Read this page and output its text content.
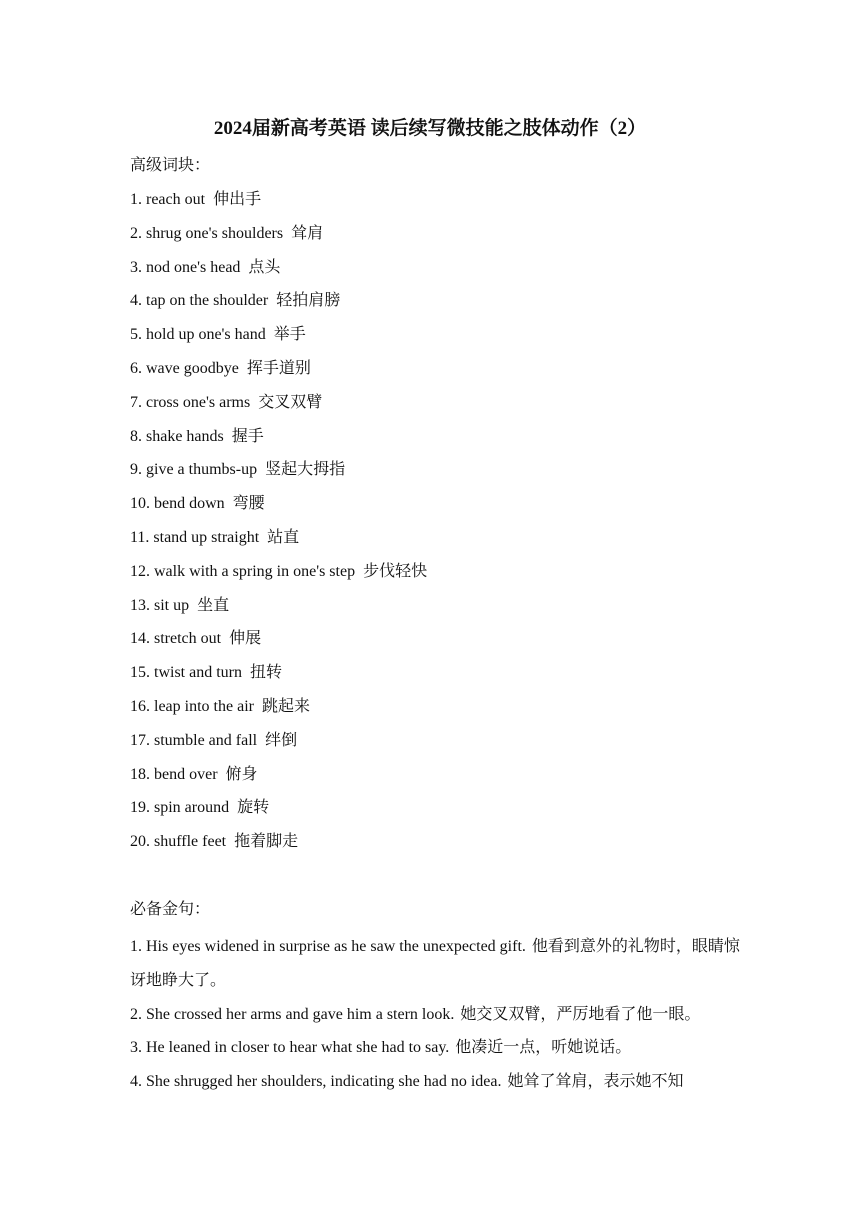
2024届新高考英语 读后续写微技能之肢体动作（2）
高级词块：
1. reach out 伸出手
2. shrug one's shoulders 耸肩
3. nod one's head 点头
4. tap on the shoulder 轻拍肩膀
5. hold up one's hand 举手
6. wave goodbye 挥手道别
7. cross one's arms 交叉双臂
8. shake hands 握手
9. give a thumbs-up 竖起大拇指
10. bend down 弯腰
11. stand up straight 站直
12. walk with a spring in one's step 步伐轻快
13. sit up 坐直
14. stretch out 伸展
15. twist and turn 扭转
16. leap into the air 跳起来
17. stumble and fall 绊倒
18. bend over 俯身
19. spin around 旋转
20. shuffle feet 拖着脚走
必备金句：
1. His eyes widened in surprise as he saw the unexpected gift. 他看到意外的礼物时，眼睛惊讶地睁大了。
2. She crossed her arms and gave him a stern look. 她交叉双臂，严厉地看了他一眼。
3. He leaned in closer to hear what she had to say. 他凑近一点，听她说话。
4. She shrugged her shoulders, indicating she had no idea. 她耸了耸肩，表示她不知
